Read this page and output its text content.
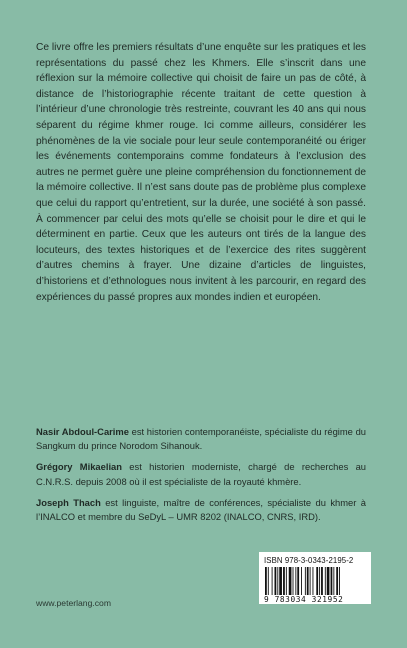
Ce livre offre les premiers résultats d’une enquête sur les pratiques et les représentations du passé chez les Khmers. Elle s’inscrit dans une réflexion sur la mémoire collective qui choisit de faire un pas de côté, à distance de l’historiographie récente traitant de cette question à l’intérieur d’une chronologie très restreinte, couvrant les 40 ans qui nous séparent du régime khmer rouge. Ici comme ailleurs, considérer les phénomènes de la vie sociale pour leur seule contemporanéité ou ériger les événements contemporains comme fondateurs à l’exclusion des autres ne permet guère une pleine compréhension du fonctionnement de la mémoire collective. Il n’est sans doute pas de problème plus complexe que celui du rapport qu’entretient, sur la durée, une société à son passé. À commencer par celui des mots qu’elle se choisit pour le dire et qui le déterminent en partie. Ceux que les auteurs ont tirés de la langue des locuteurs, des textes historiques et de l’exercice des rites suggèrent d’autres chemins à frayer. Une dizaine d’articles de linguistes, d’historiens et d’ethnologues nous invitent à les parcourir, en regard des expériences du passé propres aux mondes indien et européen.

Nasir Abdoul-Carime est historien contemporanéiste, spécialiste du régime du Sangkum du prince Norodom Sihanouk.

Grégory Mikaelian est historien moderniste, chargé de recherches au C.N.R.S. depuis 2008 où il est spécialiste de la royauté khmère.

Joseph Thach est linguiste, maître de conférences, spécialiste du khmer à l’INALCO et membre du SeDyL – UMR 8202 (INALCO, CNRS, IRD).

ISBN 978-3-0343-2195-2
9 783034 321952
www.peterlang.com
